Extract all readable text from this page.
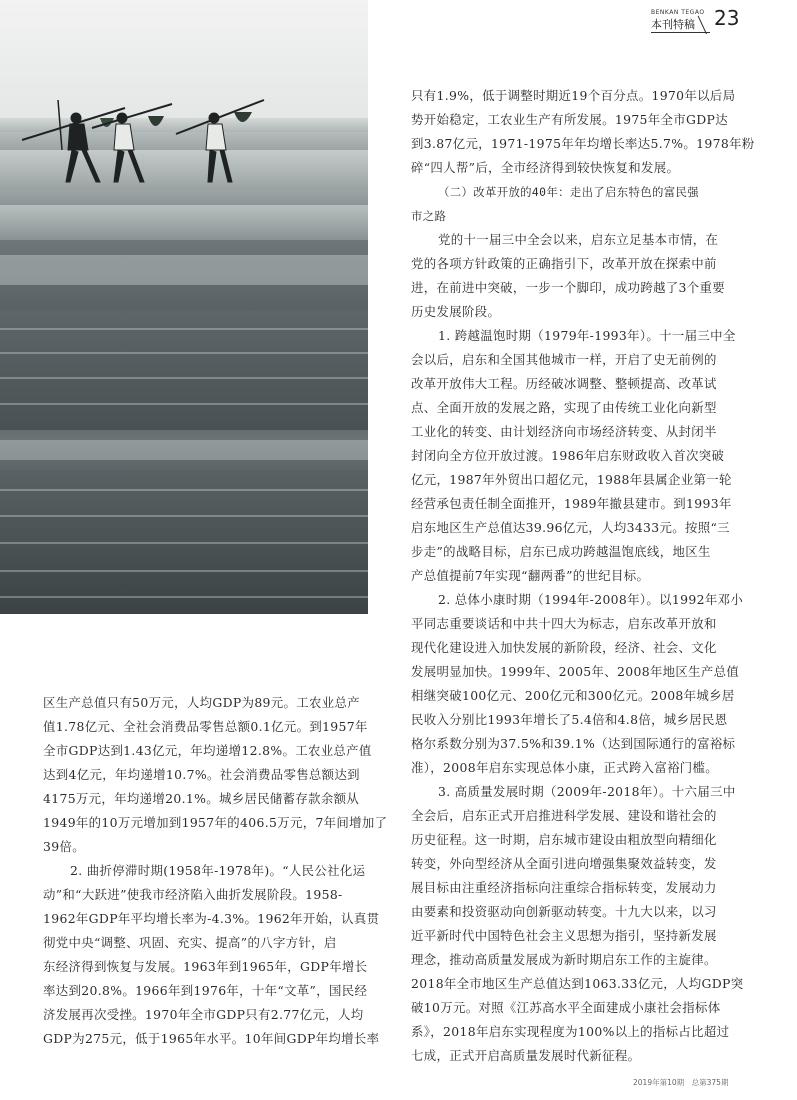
BENKAN TEGAO
本刊特稿 23
只有1.9%，低于调整时期近19个百分点。1970年以后局
势开始稳定，工农业生产有所发展。1975年全市GDP达
到3.87亿元，1971-1975年年均增长率达5.7%。1978年粉
碎“四人帮”后，全市经济得到较快恢复和发展。
（二）改革开放的40年：走出了启东特色的富民强
市之路
党的十一届三中全会以来，启东立足基本市情，在
党的各项方针政策的正确指引下，改革开放在探索中前
进，在前进中突破，一步一个脚印，成功跨越了3个重要
历史发展阶段。
1. 跨越温饱时期（1979年-1993年）。十一届三中全
会以后，启东和全国其他城市一样，开启了史无前例的
改革开放伟大工程。历经破冰调整、整顿提高、改革试
点、全面开放的发展之路，实现了由传统工业化向新型
工业化的转变、由计划经济向市场经济转变、从封闭半
封闭向全方位开放过渡。1986年启东财政收入首次突破
亿元，1987年外贸出口超亿元，1988年县属企业第一轮
经营承包责任制全面推开，1989年撤县建市。到1993年
启东地区生产总值达39.96亿元，人均3433元。按照“三
步走”的战略目标，启东已成功跨越温饱底线，地区生
产总值提前7年实现“翻两番”的世纪目标。
2. 总体小康时期（1994年-2008年）。以1992年邓小
平同志重要谈话和中共十四大为标志，启东改革开放和
现代化建设进入加快发展的新阶段，经济、社会、文化
发展明显加快。1999年、2005年、2008年地区生产总值
相继突破100亿元、200亿元和300亿元。2008年城乡居
民收入分别比1993年增长了5.4倍和4.8倍，城乡居民恩
格尔系数分别为37.5%和39.1%（达到国际通行的富裕标
准），2008年启东实现总体小康，正式跨入富裕门槛。
3. 高质量发展时期（2009年-2018年）。十六届三中
全会后，启东正式开启推进科学发展、建设和谐社会的
历史征程。这一时期，启东城市建设由粗放型向精细化
转变，外向型经济从全面引进向增强集聚效益转变，发
展目标由注重经济指标向注重综合指标转变，发展动力
由要素和投资驱动向创新驱动转变。十九大以来，以习
近平新时代中国特色社会主义思想为指引，坚持新发展
理念，推动高质量发展成为新时期启东工作的主旋律。
2018年全市地区生产总值达到1063.33亿元，人均GDP突
破10万元。对照《江苏高水平全面建成小康社会指标体
系》，2018年启东实现程度为100%以上的指标占比超过
七成，正式开启高质量发展时代新征程。
区生产总值只有50万元，人均GDP为89元。工农业总产
值1.78亿元、全社会消费品零售总额0.1亿元。到1957年
全市GDP达到1.43亿元，年均递增12.8%。工农业总产值
达到4亿元，年均递增10.7%。社会消费品零售总额达到
4175万元，年均递增20.1%。城乡居民储蓄存款余额从
1949年的10万元增加到1957年的406.5万元，7年间增加了
39倍。
2. 曲折停滞时期(1958年-1978年)。“人民公社化运
动”和“大跃进”使我市经济陷入曲折发展阶段。1958-
1962年GDP年平均增长率为-4.3%。1962年开始，认真贯
彻党中央“调整、巩固、充实、提高”的八字方针，启
东经济得到恢复与发展。1963年到1965年，GDP年增长
率达到20.8%。1966年到1976年，十年“文革”，国民经
济发展再次受挫。1970年全市GDP只有2.77亿元，人均
GDP为275元，低于1965年水平。10年间GDP年均增长率
2019年第10期　总第375期
